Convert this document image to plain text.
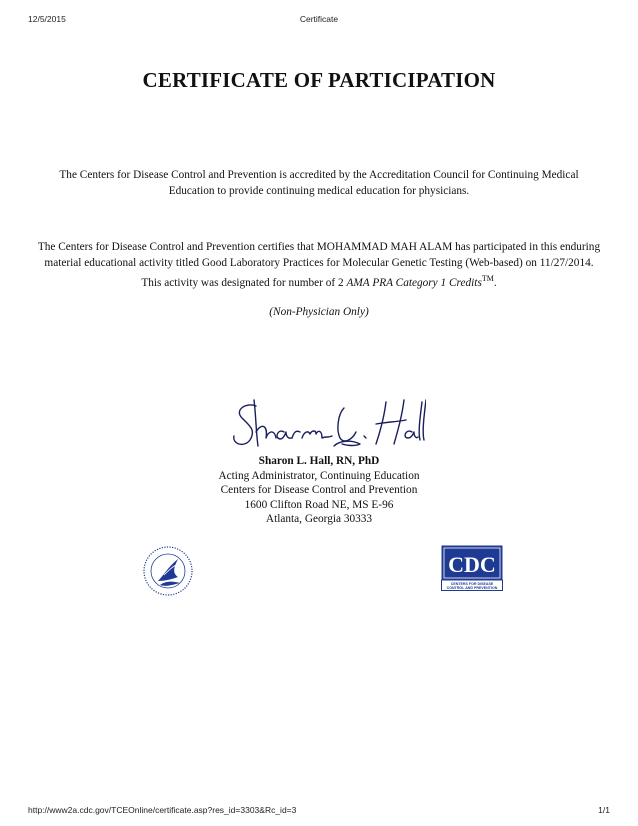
12/5/2015	Certificate
CERTIFICATE OF PARTICIPATION
The Centers for Disease Control and Prevention is accredited by the Accreditation Council for Continuing Medical
Education to provide continuing medical education for physicians.
The Centers for Disease Control and Prevention certifies that MOHAMMAD MAH ALAM has participated in this enduring
material educational activity titled Good Laboratory Practices for Molecular Genetic Testing (Web-based) on 11/27/2014.
This activity was designated for number of 2 AMA PRA Category 1 Credits™.
(Non-Physician Only)
Sharon L. Hall, RN, PhD
Acting Administrator, Continuing Education
Centers for Disease Control and Prevention
1600 Clifton Road NE, MS E-96
Atlanta, Georgia 30333
CDC
CENTERS FOR DISEASE
CONTROL AND PREVENTION
http://www2a.cdc.gov/TCEOnline/certificate.asp?res_id=3303&Rc_id=3	1/1
